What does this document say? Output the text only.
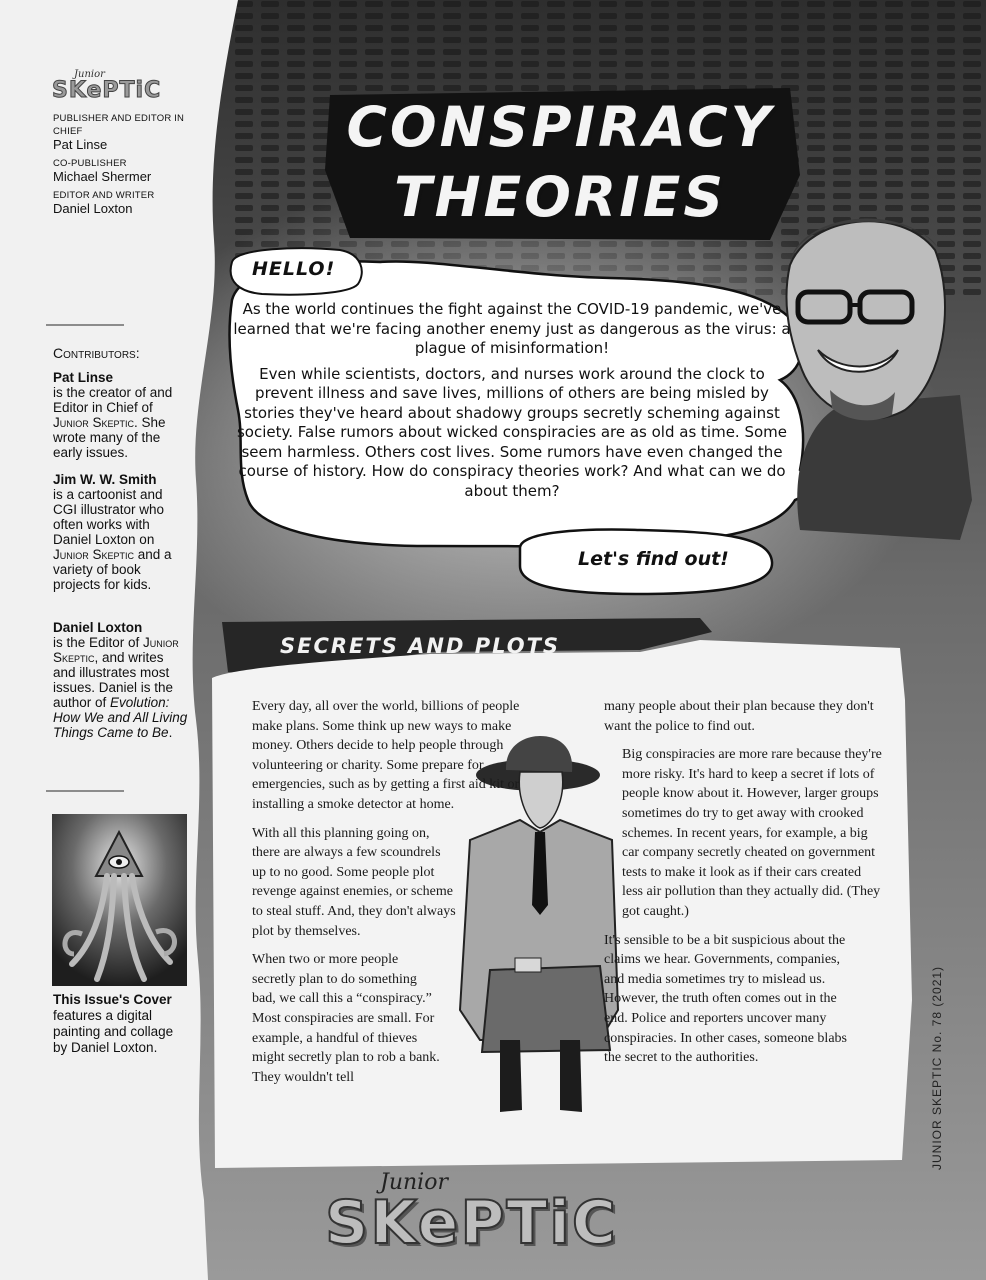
Junior
SKePTiC
PUBLISHER AND EDITOR IN CHIEF
Pat Linse
CO-PUBLISHER
Michael Shermer
EDITOR AND WRITER
Daniel Loxton
Contributors:
Pat Linse
is the creator of and Editor in Chief of Junior Skeptic. She wrote many of the early issues.
Jim W. W. Smith
is a cartoonist and CGI illustrator who often works with Daniel Loxton on Junior Skeptic and a variety of book projects for kids.
Daniel Loxton
is the Editor of Junior Skeptic, and writes and illustrates most issues. Daniel is the author of Evolution: How We and All Living Things Came to Be.
This Issue's Cover
features a digital painting and collage by Daniel Loxton.
CONSPIRACY
THEORIES
HELLO!

As the world continues the fight against the COVID-19 pandemic, we've learned that we're facing another enemy just as dangerous as the virus: a plague of misinformation!

Even while scientists, doctors, and nurses work around the clock to prevent illness and save lives, millions of others are being misled by stories they've heard about shadowy groups secretly scheming against society. False rumors about wicked conspiracies are as old as time. Some seem harmless. Others cost lives. Some rumors have even changed the course of history. How do conspiracy theories work? And what can we do about them?

Let's find out!
SECRETS AND PLOTS

Every day, all over the world, billions of people make plans. Some think up new ways to make money. Others decide to help people through volunteering or charity. Some prepare for emergencies, such as by getting a first aid kit or installing a smoke detector at home.

With all this planning going on, there are always a few scoundrels up to no good. Some people plot revenge against enemies, or scheme to steal stuff. And, they don't always plot by themselves.

When two or more people secretly plan to do something bad, we call this a “conspiracy.” Most conspiracies are small. For example, a handful of thieves might secretly plan to rob a bank. They wouldn't tell

many people about their plan because they don't want the police to find out.

Big conspiracies are more rare because they're more risky. It's hard to keep a secret if lots of people know about it. However, larger groups sometimes do try to get away with crooked schemes. In recent years, for example, a big car company secretly cheated on government tests to make it look as if their cars created less air pollution than they actually did. (They got caught.)

It's sensible to be a bit suspicious about the claims we hear. Governments, companies, and media sometimes try to mislead us. However, the truth often comes out in the end. Police and reporters uncover many conspiracies. In other cases, someone blabs the secret to the authorities.	JUNIOR SKEPTIC No. 78 (2021)
Junior
SKePTiC
